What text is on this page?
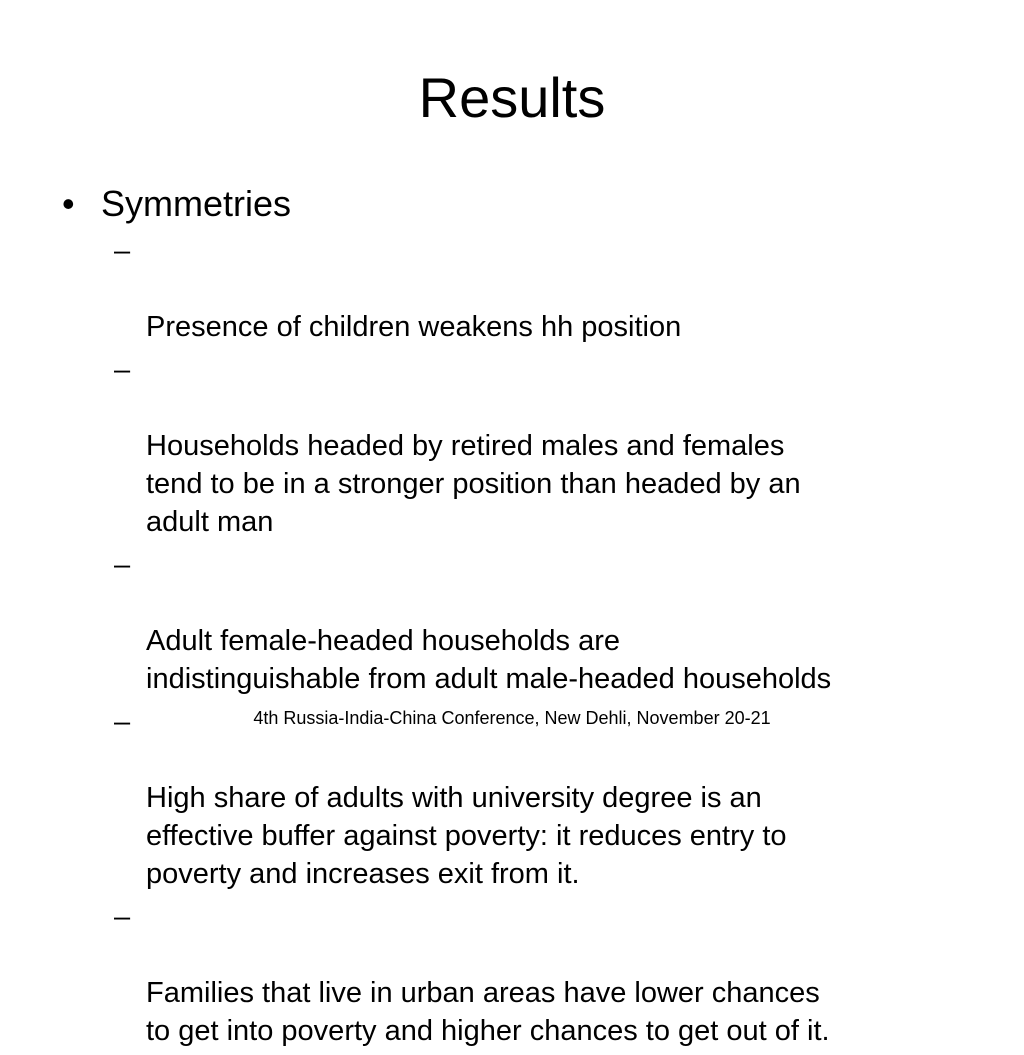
Results
• Symmetries

–

Presence of children weakens hh position

–

Households headed by retired males and females
tend to be in a stronger position than headed by an
adult man

–

Adult female-headed households are
indistinguishable from adult male-headed households

–

High share of adults with university degree is an
effective buffer against poverty: it reduces entry to
poverty and increases exit from it.

–

Families that live in urban areas have lower chances
to get into poverty and higher chances to get out of it.

4th Russia-India-China Conference, New Dehli, November 20-21
